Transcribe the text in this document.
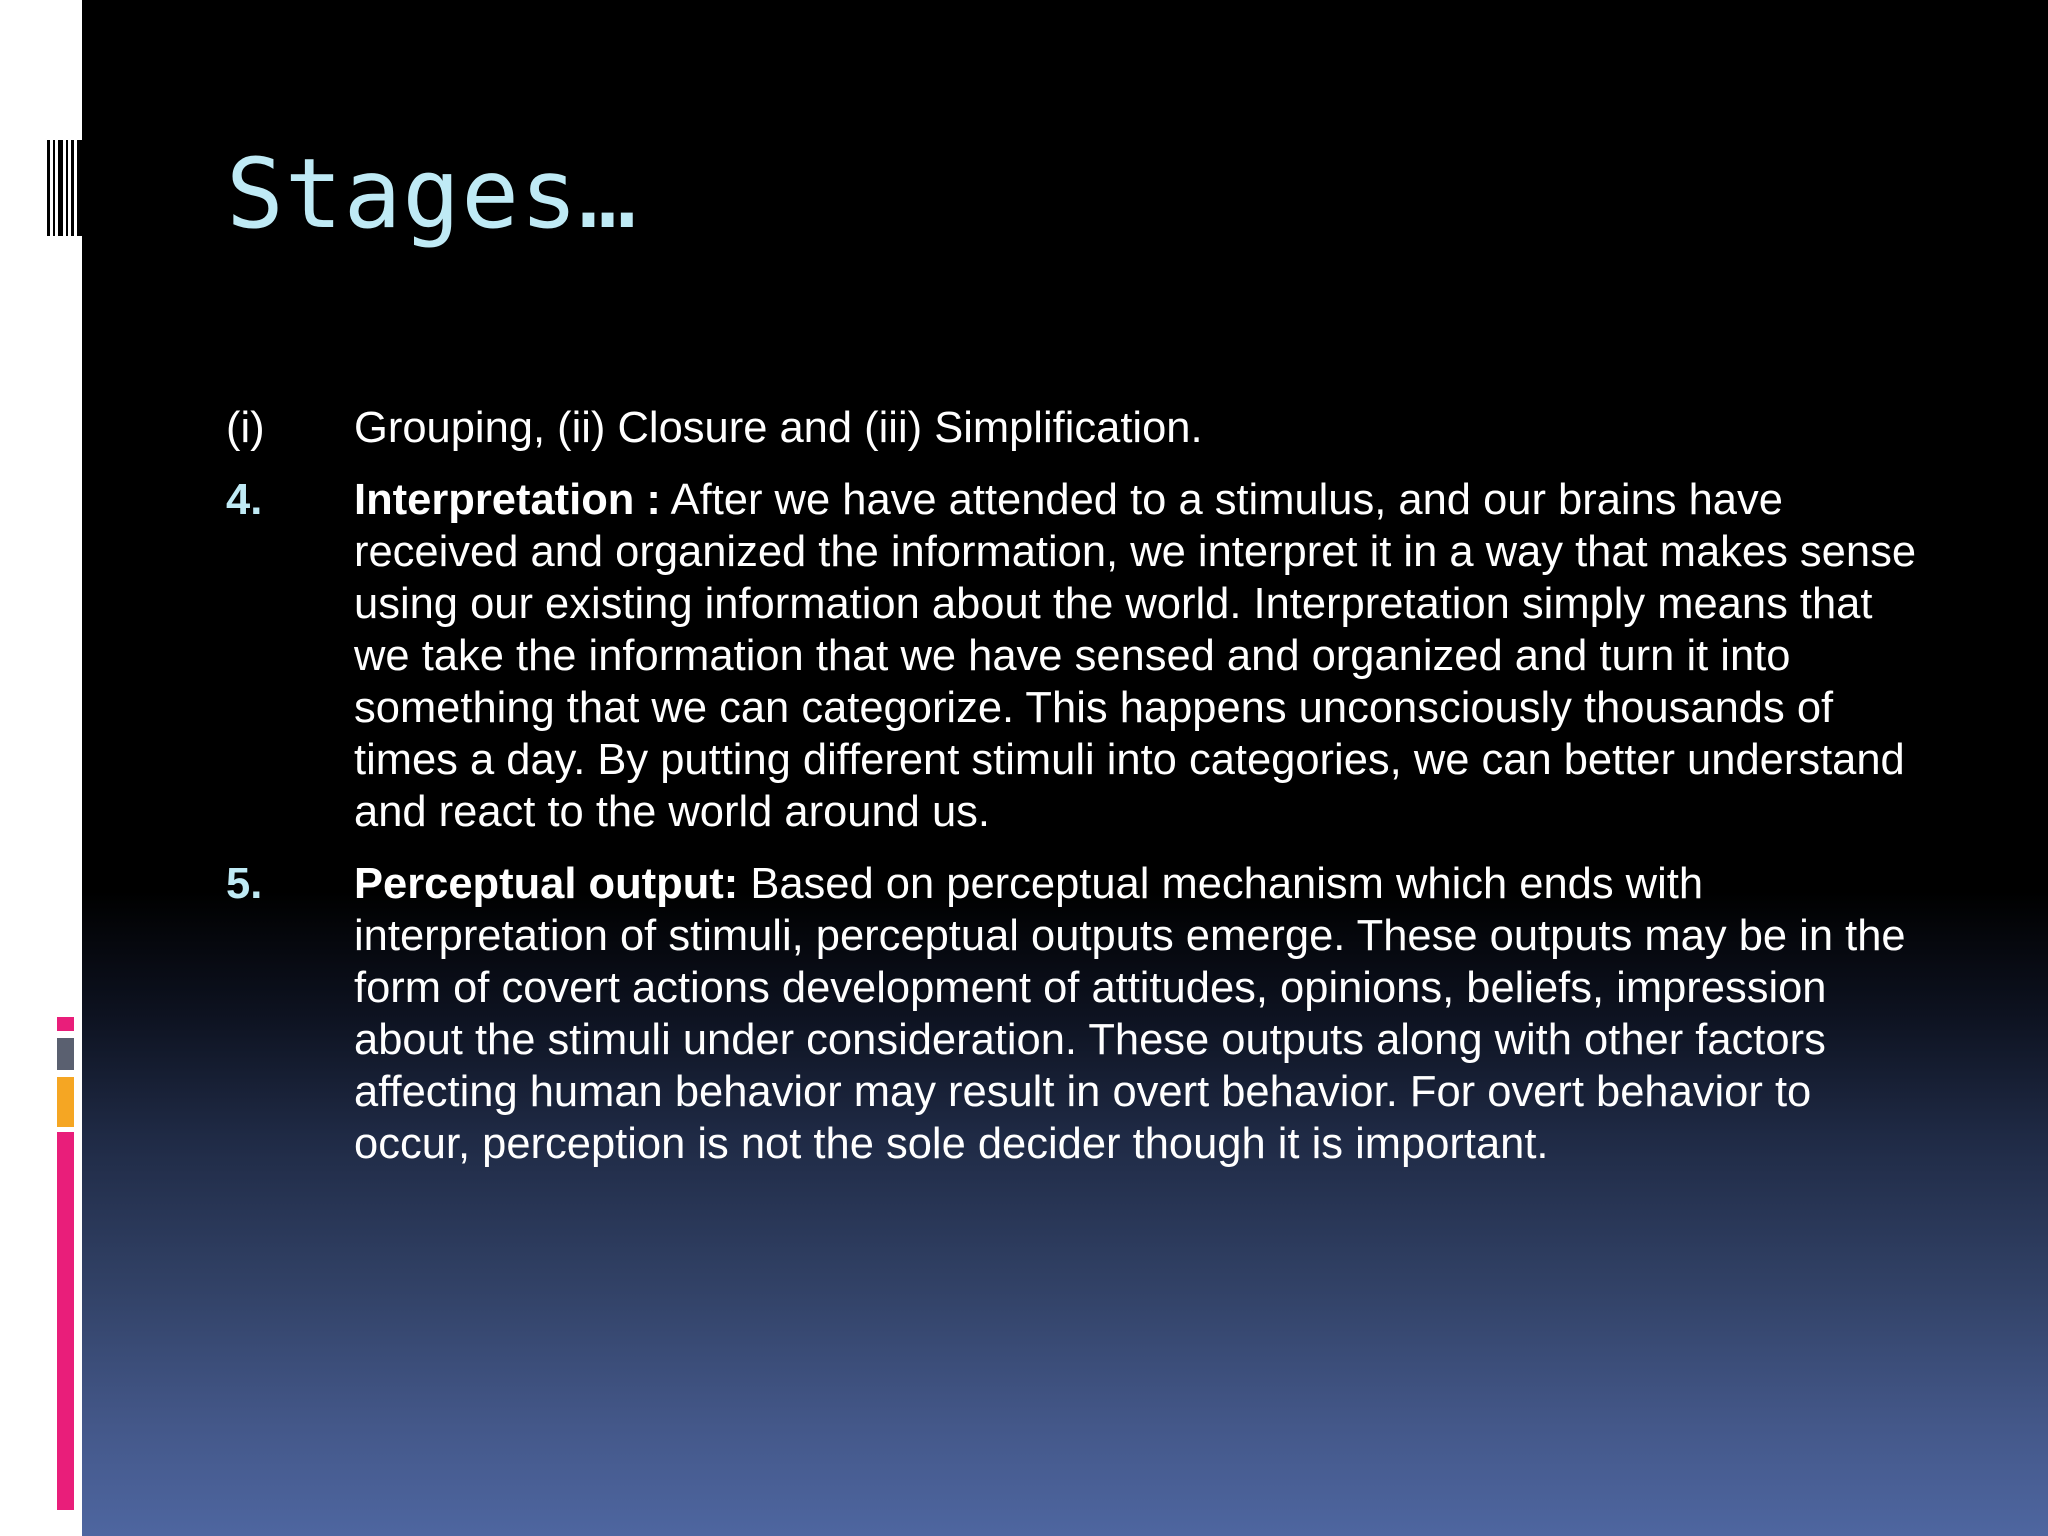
Stages…
(i)	Grouping, (ii) Closure and (iii) Simplification.
4.	Interpretation : After we have attended to a stimulus, and our brains have received and organized the information, we interpret it in a way that makes sense using our existing information about the world. Interpretation simply means that we take the information that we have sensed and organized and turn it into something that we can categorize. This happens unconsciously thousands of times a day. By putting different stimuli into categories, we can better understand and react to the world around us.
5.	Perceptual output: Based on perceptual mechanism which ends with interpretation of stimuli, perceptual outputs emerge. These outputs may be in the form of covert actions development of attitudes, opinions, beliefs, impression about the stimuli under consideration. These outputs along with other factors affecting human behavior may result in overt behavior. For overt behavior to occur, perception is not the sole decider though it is important.
